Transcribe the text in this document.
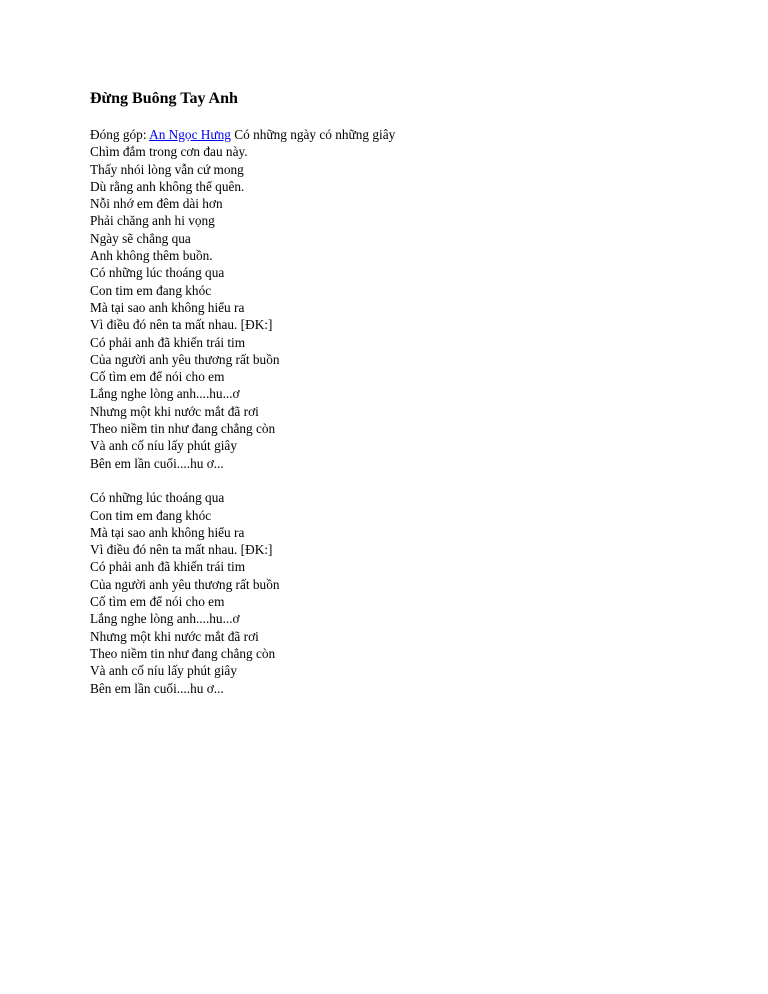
Đừng Buông Tay Anh
Đóng góp: An Ngọc Hưng Có những ngày có những giây
Chìm đắm trong cơn đau này.
Thấy nhói lòng vẫn cứ mong
Dù rằng anh không thể quên.
Nỗi nhớ em đêm dài hơn
Phải chăng anh hi vọng
Ngày sẽ chẳng qua
Anh không thêm buồn.
Có những lúc thoáng qua
Con tim em đang khóc
Mà tại sao anh không hiểu ra
Vì điều đó nên ta mất nhau. [ĐK:]
Có phải anh đã khiến trái tim
Của người anh yêu thương rất buồn
Cố tìm em để nói cho em
Lắng nghe lòng anh....hu...ơ
Nhưng một khi nước mắt đã rơi
Theo niềm tin như đang chẳng còn
Và anh cố níu lấy phút giây
Bên em lần cuối....hu ơ...
Có những lúc thoáng qua
Con tim em đang khóc
Mà tại sao anh không hiểu ra
Vì điều đó nên ta mất nhau. [ĐK:]
Có phải anh đã khiến trái tim
Của người anh yêu thương rất buồn
Cố tìm em để nói cho em
Lắng nghe lòng anh....hu...ơ
Nhưng một khi nước mắt đã rơi
Theo niềm tin như đang chẳng còn
Và anh cố níu lấy phút giây
Bên em lần cuối....hu ơ...
